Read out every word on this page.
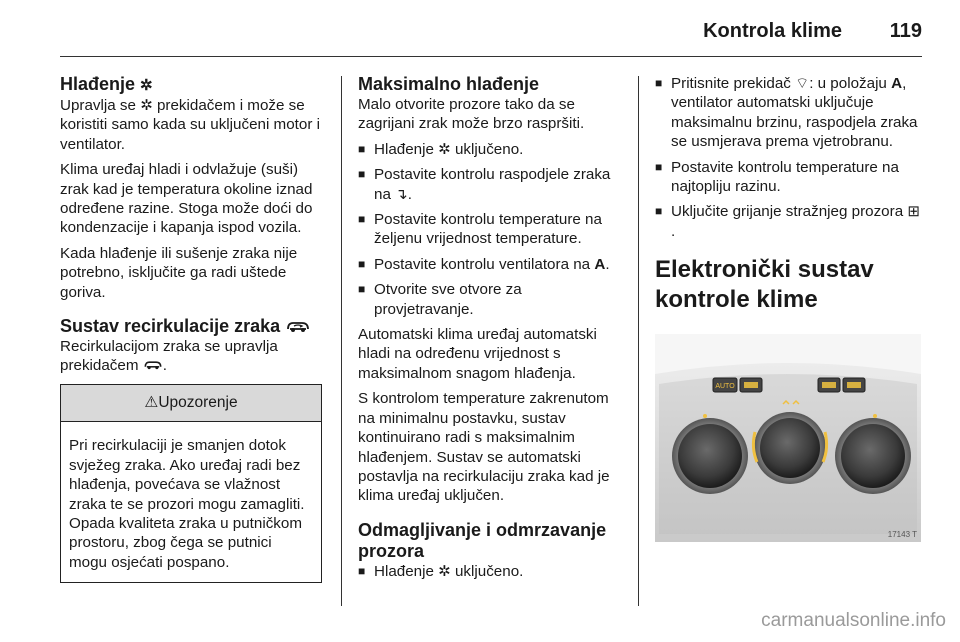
Kontrola klime 119
Hlađenje ✲

Upravlja se ✲ prekidačem i može se koristiti samo kada su uključeni motor i ventilator.

Klima uređaj hladi i odvlažuje (suši) zrak kad je temperatura okoline iznad određene razine. Stoga može doći do kondenzacije i kapanja ispod vozila.

Kada hlađenje ili sušenje zraka nije potrebno, isključite ga radi uštede goriva.

Sustav recirkulacije zraka

Recirkulacijom zraka se upravlja prekidačem .

⚠Upozorenje

Pri recirkulaciji je smanjen dotok svježeg zraka. Ako uređaj radi bez hlađenja, povećava se vlažnost zraka te se prozori mogu zamagliti. Opada kvaliteta zraka u putničkom prostoru, zbog čega se putnici mogu osjećati pospano.

Maksimalno hlađenje

Malo otvorite prozore tako da se zagrijani zrak može brzo raspršiti.

■ Hlađenje ✲ uključeno.
■ Postavite kontrolu raspodjele zraka na ↴.
■ Postavite kontrolu temperature na željenu vrijednost temperature.
■ Postavite kontrolu ventilatora na A.
■ Otvorite sve otvore za provjetravanje.

Automatski klima uređaj automatski hladi na određenu vrijednost s maksimalnom snagom hlađenja.

S kontrolom temperature zakrenutom na minimalnu postavku, sustav kontinuirano radi s maksimalnim hlađenjem. Sustav se automatski postavlja na recirkulaciju zraka kad je klima uređaj uključen.

Odmagljivanje i odmrzavanje prozora
■ Hlađenje ✲ uključeno.
■ Pritisnite prekidač ⌔: u položaju A, ventilator automatski uključuje maksimalnu brzinu, raspodjela zraka se usmjerava prema vjetrobranu.
■ Postavite kontrolu temperature na najtopliju razinu.
■ Uključite grijanje stražnjeg prozora ⊞.
Elektronički sustav kontrole klime
AUTO
17143 T
carmanualsonline.info
